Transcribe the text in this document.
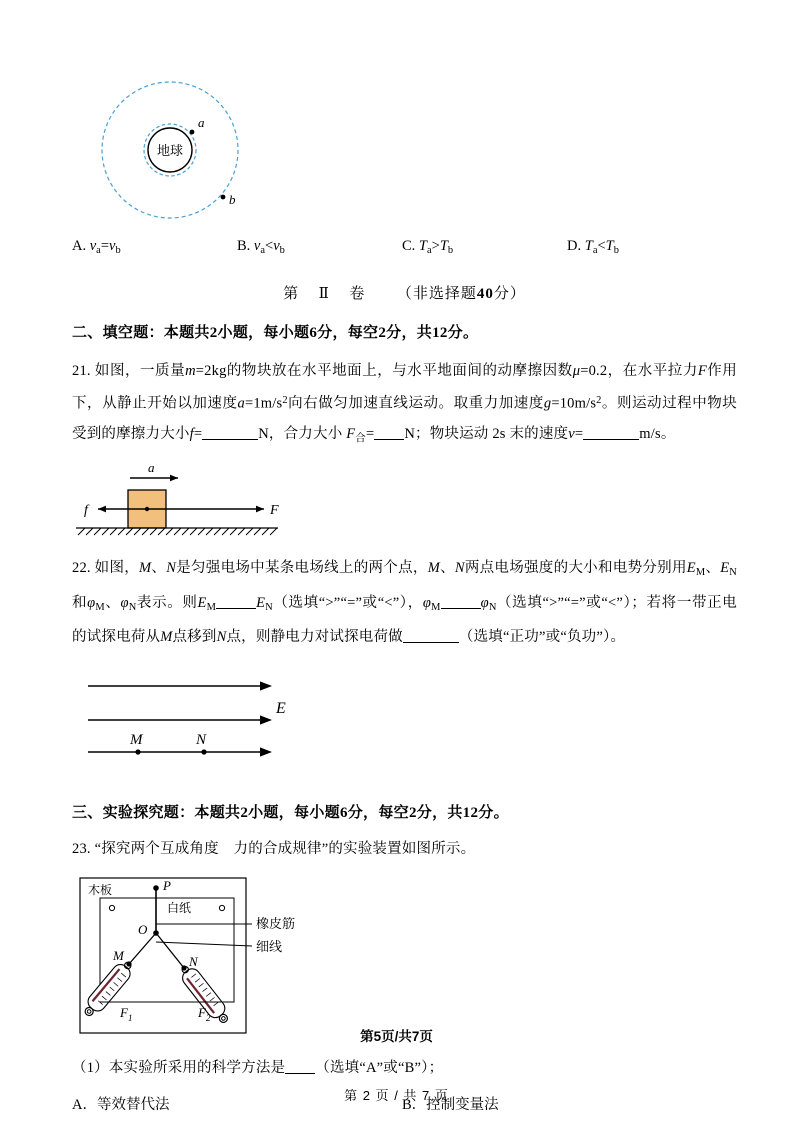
地球
a
b
A. $v_a=v_b$	B. $v_a<v_b$	C. $T_a>T_b$	D. $T_a<T_b$
第 Ⅱ 卷 （非选择题40分）
二、填空题：本题共2小题，每小题6分，每空2分，共12分。
21. 如图，一质量m=2kg的物块放在水平地面上，与水平地面间的动摩擦因数μ=0.2，在水平拉力F作用下，从静止开始以加速度$a=1m/s^2$向右做匀加速直线运动。取重力加速度$g=10m/s^2$。则运动过程中物块受到的摩擦力大小f=	N，合力大小 $F_合= N$；物块运动 2s 末的速度v=	m/s。
a
f	F
22. 如图，M、N是匀强电场中某条电场线上的两个点，M、N两点电场强度的大小和电势分别用$E_M$、$E_N$和$\varphi_M$、$\varphi_N$表示。则$E_M$	$E_N$（选填“>”“=”或“<”），$\varphi_M$	$\varphi_N$（选填“>”“=”或“<”）；若将一带正电的试探电荷从M点移到N点，则静电力对试探电荷做	（选填“正功”或“负功”）。
E
M	N
三、实验探究题：本题共2小题，每小题6分，每空2分，共12分。
23. “探究两个互成角度　力的合成规律”的实验装置如图所示。
木板
白纸
P
O
M	N
橡皮筋
细线
$F_1$	$F_2$
（1）本实验所采用的科学方法是 （选填“A”或“B”）；
A．等效替代法	B．控制变量法
第5页/共7页
第 2 页 / 共 7 页
